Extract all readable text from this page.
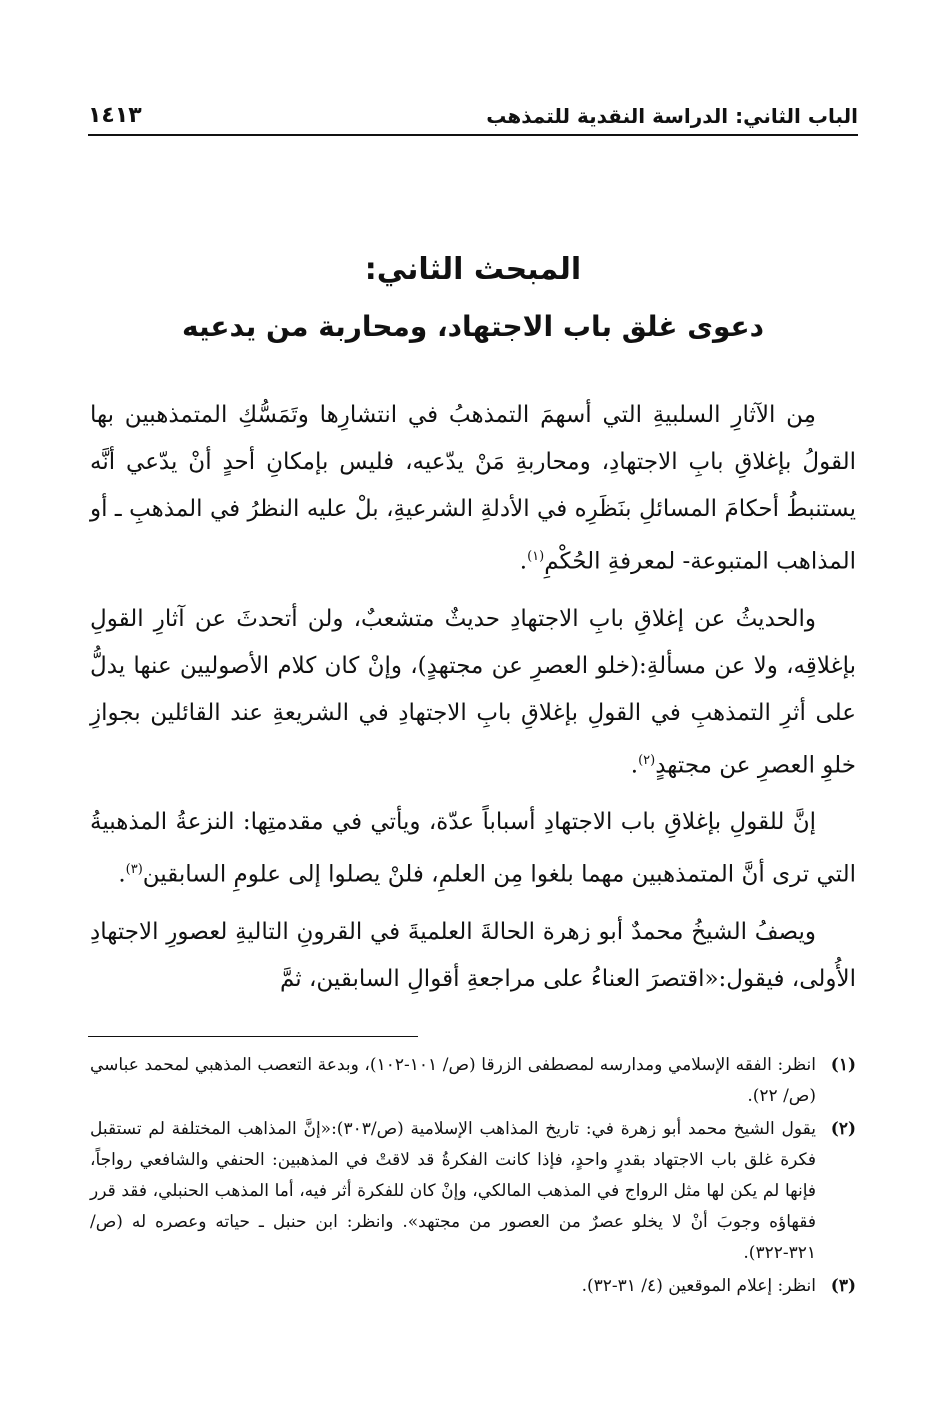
الباب الثاني: الدراسة النقدية للتمذهب
١٤١٣
المبحث الثاني:
دعوى غلق باب الاجتهاد، ومحاربة من يدعيه

مِن الآثارِ السلبيةِ التي أسهمَ التمذهبُ في انتشارِها وتَمَسُّكِ المتمذهبين بها القولُ بإغلاقِ بابِ الاجتهادِ، ومحاربةِ مَنْ يدّعيه، فليس بإمكانِ أحدٍ أنْ يدّعي أنَّه يستنبطُ أحكامَ المسائلِ بنَظَرِه في الأدلةِ الشرعيةِ، بلْ عليه النظرُ في المذهبِ ـ أو المذاهب المتبوعة- لمعرفةِ الحُكْمِ$^{(١)}$.

والحديثُ عن إغلاقِ بابِ الاجتهادِ حديثٌ متشعبٌ، ولن أتحدثَ عن آثارِ القولِ بإغلاقِه، ولا عن مسألةِ:(خلو العصرِ عن مجتهدٍ)، وإنْ كان كلام الأصوليين عنها يدلُّ على أثرِ التمذهبِ في القولِ بإغلاقِ بابِ الاجتهادِ في الشريعةِ عند القائلين بجوازِ خلوِ العصرِ عن مجتهدٍ$^{(٢)}$.

إنَّ للقولِ بإغلاقِ باب الاجتهادِ أسباباً عدّة، ويأتي في مقدمتِها: النزعةُ المذهبيةُ التي ترى أنَّ المتمذهبين مهما بلغوا مِن العلمِ، فلنْ يصلوا إلى علومِ السابقين$^{(٣)}$.

ويصفُ الشيخُ محمدٌ أبو زهرة الحالةَ العلميةَ في القرونِ التاليةِ لعصورِ الاجتهادِ الأُولى، فيقول:«اقتصرَ العناءُ على مراجعةِ أقوالِ السابقين، ثمَّ

(١)
انظر: الفقه الإسلامي ومدارسه لمصطفى الزرقا (ص/ ١٠١-١٠٢)، وبدعة التعصب المذهبي لمحمد عباسي (ص/ ٢٢).
(٢)
يقول الشيخ محمد أبو زهرة في: تاريخ المذاهب الإسلامية (ص/٣٠٣):«إنَّ المذاهب المختلفة لم تستقبل فكرة غلق باب الاجتهاد بقدرٍ واحدٍ، فإذا كانت الفكرةُ قد لاقتْ في المذهبين: الحنفي والشافعي رواجاً، فإنها لم يكن لها مثل الرواج في المذهب المالكي، وإنْ كان للفكرة أثر فيه، أما المذهب الحنبلي، فقد قرر فقهاؤه وجوبَ أنْ لا يخلو عصرٌ من العصور من مجتهد». وانظر: ابن حنبل ـ حياته وعصره له (ص/ ٣٢١-٣٢٢).
(٣)
انظر: إعلام الموقعين (٤/ ٣١-٣٢).
